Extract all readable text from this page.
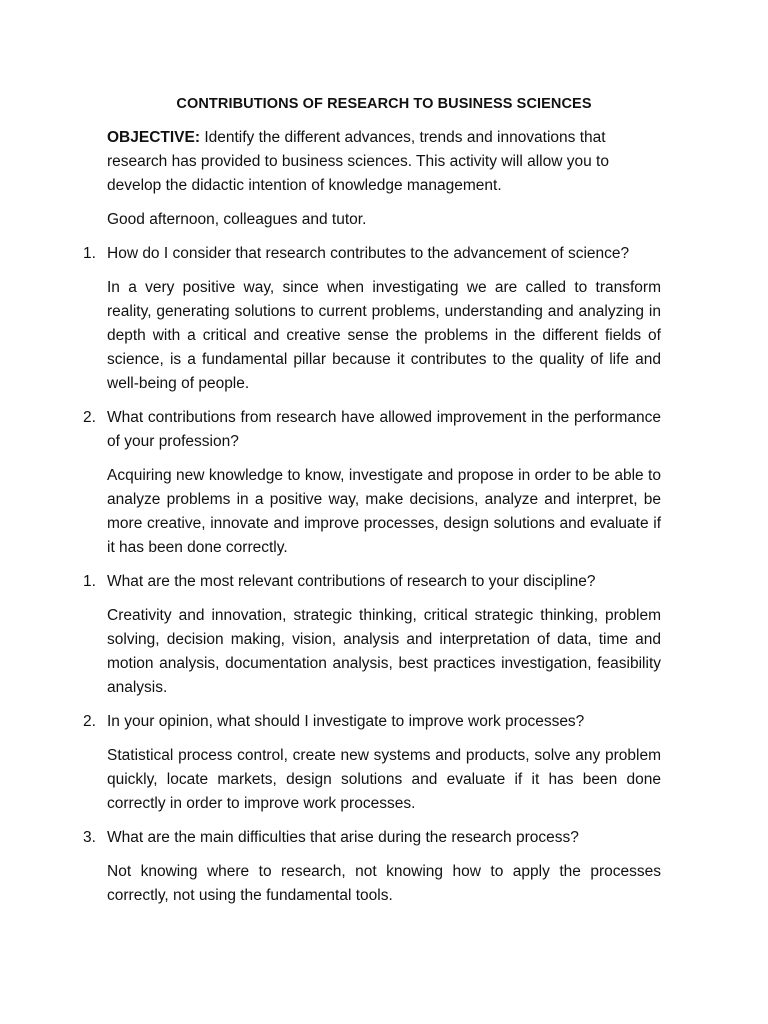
CONTRIBUTIONS OF RESEARCH TO BUSINESS SCIENCES

OBJECTIVE: Identify the different advances, trends and innovations that research has provided to business sciences. This activity will allow you to develop the didactic intention of knowledge management.

Good afternoon, colleagues and tutor.

1. How do I consider that research contributes to the advancement of science?

In a very positive way, since when investigating we are called to transform reality, generating solutions to current problems, understanding and analyzing in depth with a critical and creative sense the problems in the different fields of science, is a fundamental pillar because it contributes to the quality of life and well-being of people.

2. What contributions from research have allowed improvement in the performance of your profession?

Acquiring new knowledge to know, investigate and propose in order to be able to analyze problems in a positive way, make decisions, analyze and interpret, be more creative, innovate and improve processes, design solutions and evaluate if it has been done correctly.

1. What are the most relevant contributions of research to your discipline?

Creativity and innovation, strategic thinking, critical strategic thinking, problem solving, decision making, vision, analysis and interpretation of data, time and motion analysis, documentation analysis, best practices investigation, feasibility analysis.

2. In your opinion, what should I investigate to improve work processes?

Statistical process control, create new systems and products, solve any problem quickly, locate markets, design solutions and evaluate if it has been done correctly in order to improve work processes.

3. What are the main difficulties that arise during the research process?

Not knowing where to research, not knowing how to apply the processes correctly, not using the fundamental tools.
